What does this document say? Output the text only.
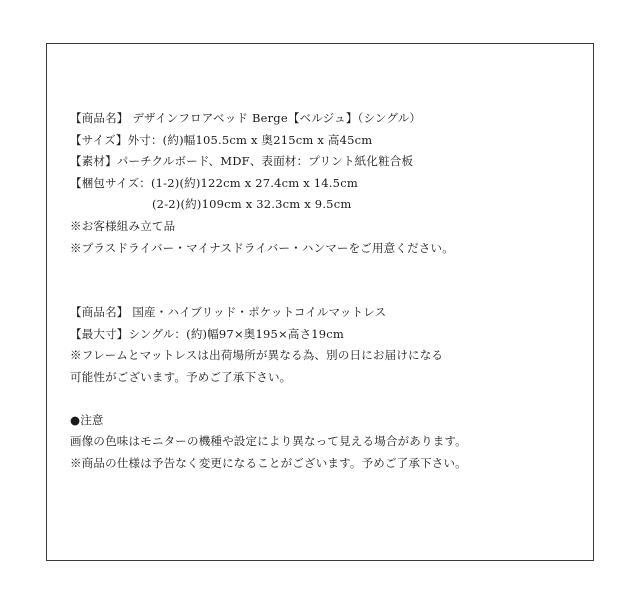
【商品名】 デザインフロアベッド Berge【ベルジュ】（シングル）
【サイズ】外寸：(約)幅105.5cm x 奥215cm x 高45cm
【素材】パーチクルボード、MDF、表面材：プリント紙化粧合板
【梱包サイズ：(1-2)(約)122cm x 27.4cm x 14.5cm
(2-2)(約)109cm x 32.3cm x 9.5cm
※お客様組み立て品
※プラスドライバー・マイナスドライバー・ハンマーをご用意ください。
【商品名】 国産・ハイブリッド・ポケットコイルマットレス
【最大寸】シングル：(約)幅97×奥195×高さ19cm
※フレームとマットレスは出荷場所が異なる為、別の日にお届けになる
可能性がございます。予めご了承下さい。
●注意
画像の色味はモニターの機種や設定により異なって見える場合があります。
※商品の仕様は予告なく変更になることがございます。予めご了承下さい。
